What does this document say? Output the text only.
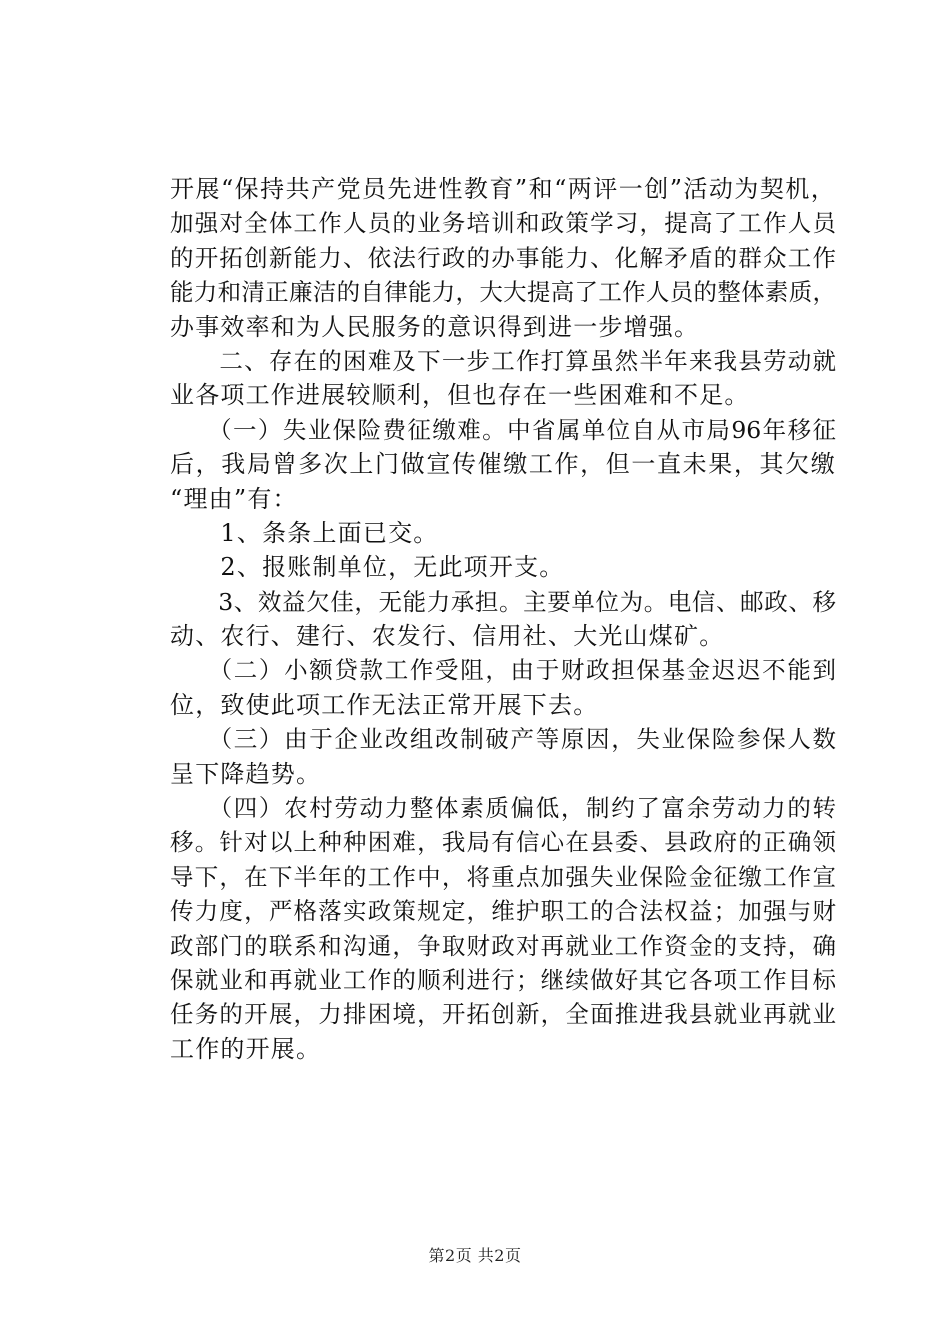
开展“保持共产党员先进性教育”和“两评一创”活动为契机，
加强对全体工作人员的业务培训和政策学习，提高了工作人员
的开拓创新能力、依法行政的办事能力、化解矛盾的群众工作
能力和清正廉洁的自律能力，大大提高了工作人员的整体素质，
办事效率和为人民服务的意识得到进一步增强。
　　二、存在的困难及下一步工作打算虽然半年来我县劳动就
业各项工作进展较顺利，但也存在一些困难和不足。
　　（一）失业保险费征缴难。中省属单位自从市局96年移征
后，我局曾多次上门做宣传催缴工作，但一直未果，其欠缴
“理由”有：
　　1、条条上面已交。
　　2、报账制单位，无此项开支。
　　3、效益欠佳，无能力承担。主要单位为。电信、邮政、移
动、农行、建行、农发行、信用社、大光山煤矿。
　　（二）小额贷款工作受阻，由于财政担保基金迟迟不能到
位，致使此项工作无法正常开展下去。
　　（三）由于企业改组改制破产等原因，失业保险参保人数
呈下降趋势。
　　（四）农村劳动力整体素质偏低，制约了富余劳动力的转
移。针对以上种种困难，我局有信心在县委、县政府的正确领
导下，在下半年的工作中，将重点加强失业保险金征缴工作宣
传力度，严格落实政策规定，维护职工的合法权益；加强与财
政部门的联系和沟通，争取财政对再就业工作资金的支持，确
保就业和再就业工作的顺利进行；继续做好其它各项工作目标
任务的开展，力排困境，开拓创新，全面推进我县就业再就业
工作的开展。
第2页 共2页
